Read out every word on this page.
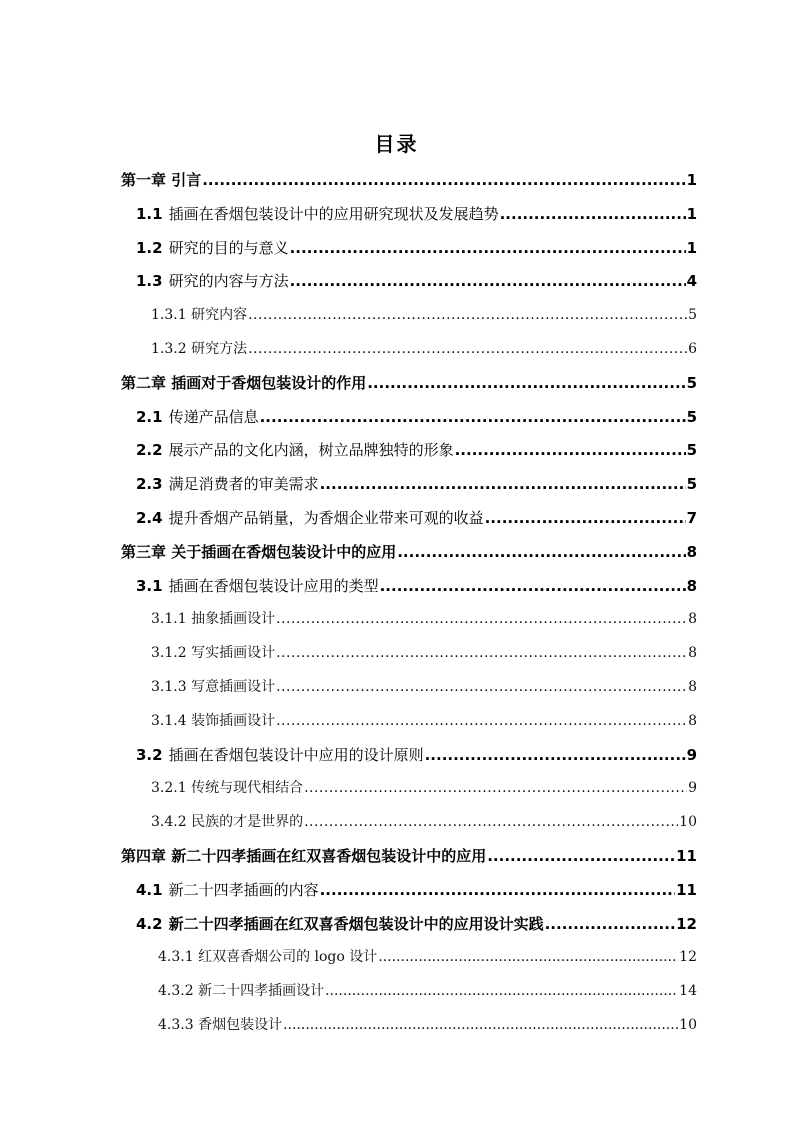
目录
第一章 引言 .....	1
1.1 插画在香烟包装设计中的应用研究现状及发展趋势 .....	1
1.2 研究的目的与意义 .....	1
1.3 研究的内容与方法 .....	4
1.3.1 研究内容 .....	5
1.3.2 研究方法 .....	6
第二章 插画对于香烟包装设计的作用 .....	5
2.1 传递产品信息 .....	5
2.2 展示产品的文化内涵，树立品牌独特的形象 .....	5
2.3 满足消费者的审美需求 .....	5
2.4 提升香烟产品销量，为香烟企业带来可观的收益 .....	7
第三章 关于插画在香烟包装设计中的应用 .....	8
3.1 插画在香烟包装设计应用的类型 .....	8
3.1.1 抽象插画设计 .....	8
3.1.2 写实插画设计 .....	8
3.1.3 写意插画设计 .....	8
3.1.4 装饰插画设计 .....	8
3.2 插画在香烟包装设计中应用的设计原则 .....	9
3.2.1 传统与现代相结合 .....	9
3.4.2 民族的才是世界的 .....	10
第四章 新二十四孝插画在红双喜香烟包装设计中的应用 .....	11
4.1 新二十四孝插画的内容 .....	11
4.2 新二十四孝插画在红双喜香烟包装设计中的应用设计实践 .....	12
4.3.1 红双喜香烟公司的 logo 设计 .....	12
4.3.2 新二十四孝插画设计 .....	14
4.3.3 香烟包装设计 .....	10
